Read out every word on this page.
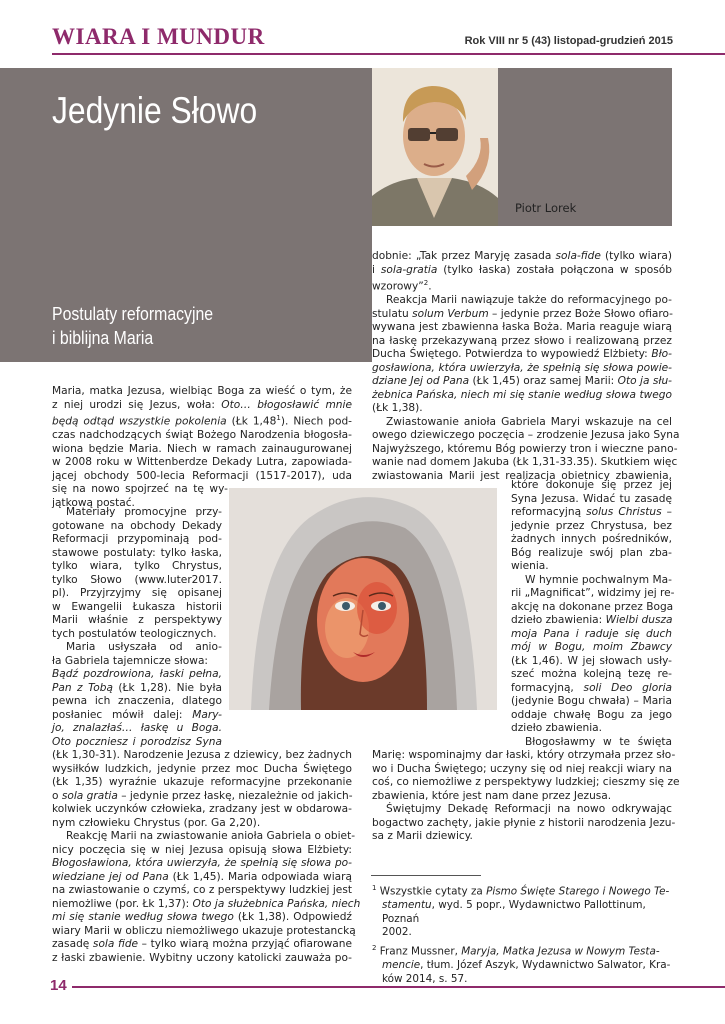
WIARA I MUNDUR	Rok VIII nr 5 (43) listopad-grudzień 2015
Jedynie Słowo
Postulaty reformacyjne
i biblijna Maria
Piotr Lorek
Maria, matka Jezusa, wielbiąc Boga za wieść o tym, że
z niej urodzi się Jezus, woła: Oto… błogosławić mnie
będą odtąd wszystkie pokolenia (Łk 1,48$^1$). Niech pod-
czas nadchodzących świąt Bożego Narodzenia błogosła-
wiona będzie Maria. Niech w ramach zainaugurowanej
w 2008 roku w Wittenberdze Dekady Lutra, zapowiada-
jącej obchody 500-lecia Reformacji (1517-2017), uda
się na nowo spojrzeć na tę wy-
jątkową postać.
Materiały promocyjne przy-
gotowane na obchody Dekady
Reformacji przypominają pod-
stawowe postulaty: tylko łaska,
tylko wiara, tylko Chrystus,
tylko Słowo (www.luter2017.
pl). Przyjrzyjmy się opisanej
w Ewangelii Łukasza historii
Marii właśnie z perspektywy
tych postulatów teologicznych.
Maria usłyszała od anio-
ła Gabriela tajemnicze słowa:
Bądź pozdrowiona, łaski pełna,
Pan z Tobą (Łk 1,28). Nie była
pewna ich znaczenia, dlatego
posłaniec mówił dalej: Mary-
jo, znalazłaś… łaskę u Boga.
Oto poczniesz i porodzisz Syna
(Łk 1,30-31). Narodzenie Jezusa z dziewicy, bez żadnych
wysiłków ludzkich, jedynie przez moc Ducha Świętego
(Łk 1,35) wyraźnie ukazuje reformacyjne przekonanie
o sola gratia – jedynie przez łaskę, niezależnie od jakich-
kolwiek uczynków człowieka, zradzany jest w obdarowa-
nym człowieku Chrystus (por. Ga 2,20).
Reakcję Marii na zwiastowanie anioła Gabriela o obiet-
nicy poczęcia się w niej Jezusa opisują słowa Elżbiety:
Błogosławiona, która uwierzyła, że spełnią się słowa po-
wiedziane jej od Pana (Łk 1,45). Maria odpowiada wiarą
na zwiastowanie o czymś, co z perspektywy ludzkiej jest
niemożliwe (por. Łk 1,37): Oto ja służebnica Pańska, niech
mi się stanie według słowa twego (Łk 1,38). Odpowiedź
wiary Marii w obliczu niemożliwego ukazuje protestancką
zasadę sola fide – tylko wiarą można przyjąć ofiarowane
z łaski zbawienie. Wybitny uczony katolicki zauważa po-
dobnie: „Tak przez Maryję zasada sola-fide (tylko wiara)
i sola-gratia (tylko łaska) została połączona w sposób
wzorowy”$^2$.
Reakcja Marii nawiązuje także do reformacyjnego po-
stulatu solum Verbum – jedynie przez Boże Słowo ofiaro-
wywana jest zbawienna łaska Boża. Maria reaguje wiarą
na łaskę przekazywaną przez słowo i realizowaną przez
Ducha Świętego. Potwierdza to wypowiedź Elżbiety: Bło-
gosławiona, która uwierzyła, że spełnią się słowa powie-
dziane Jej od Pana (Łk 1,45) oraz samej Marii: Oto ja słu-
żebnica Pańska, niech mi się stanie według słowa twego
(Łk 1,38).
Zwiastowanie anioła Gabriela Maryi wskazuje na cel
owego dziewiczego poczęcia – zrodzenie Jezusa jako Syna
Najwyższego, któremu Bóg powierzy tron i wieczne pano-
wanie nad domem Jakuba (Łk 1,31-33.35). Skutkiem więc
zwiastowania Marii jest realizacja obietnicy zbawienia,
które dokonuje się przez jej
Syna Jezusa. Widać tu zasadę
reformacyjną solus Christus –
jedynie przez Chrystusa, bez
żadnych innych pośredników,
Bóg realizuje swój plan zba-
wienia.
W hymnie pochwalnym Ma-
rii „Magnificat”, widzimy jej re-
akcję na dokonane przez Boga
dzieło zbawienia: Wielbi dusza
moja Pana i raduje się duch
mój w Bogu, moim Zbawcy
(Łk 1,46). W jej słowach usły-
szeć można kolejną tezę re-
formacyjną, soli Deo gloria
(jedynie Bogu chwała) – Maria
oddaje chwałę Bogu za jego
dzieło zbawienia.
Błogosławmy w te święta
Marię: wspominajmy dar łaski, który otrzymała przez sło-
wo i Ducha Świętego; uczyny się od niej reakcji wiary na
coś, co niemożliwe z perspektywy ludzkiej; cieszmy się ze
zbawienia, które jest nam dane przez Jezusa.
Świętujmy Dekadę Reformacji na nowo odkrywając
bogactwo zachęty, jakie płynie z historii narodzenia Jezu-
sa z Marii dziewicy.
$^1$ Wszystkie cytaty za Pismo Święte Starego i Nowego Te-
stamentu, wyd. 5 popr., Wydawnictwo Pallottinum, Poznań
2002.
$^2$ Franz Mussner, Maryja, Matka Jezusa w Nowym Testa-
mencie, tłum. Józef Aszyk, Wydawnictwo Salwator, Kra-
ków 2014, s. 57.
14
